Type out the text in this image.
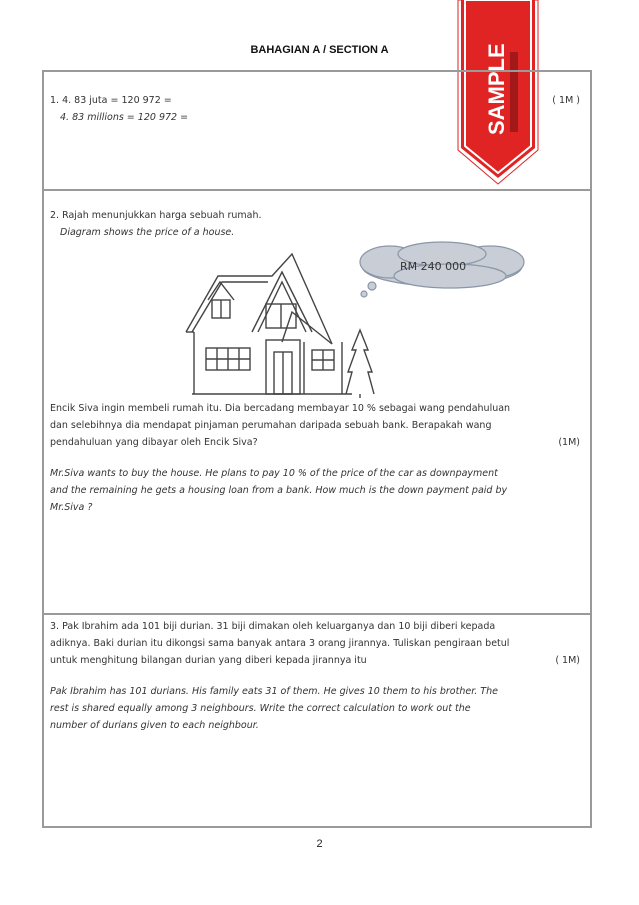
BAHAGIAN A / SECTION A	SAMPLE
1. 4. 83 juta = 120 972 =
4. 83 millions = 120 972 =
( 1M )
2. Rajah menunjukkan harga sebuah rumah.
Diagram shows the price of a house.
RM 240 000
Encik Siva ingin membeli rumah itu. Dia bercadang membayar 10 % sebagai wang pendahuluan
dan selebihnya dia mendapat pinjaman perumahan daripada sebuah bank. Berapakah wang
pendahuluan yang dibayar oleh Encik Siva?	(1M)
Mr.Siva wants to buy the house. He plans to pay 10 % of the price of the car as downpayment
and the remaining he gets a housing loan from a bank. How much is the down payment paid by
Mr.Siva ?
3. Pak Ibrahim ada 101 biji durian. 31 biji dimakan oleh keluarganya dan 10 biji diberi kepada
adiknya. Baki durian itu dikongsi sama banyak antara 3 orang jirannya. Tuliskan pengiraan betul
untuk menghitung bilangan durian yang diberi kepada jirannya itu	( 1M)
Pak Ibrahim has 101 durians. His family eats 31 of them. He gives 10 them to his brother. The
rest is shared equally among 3 neighbours. Write the correct calculation to work out the
number of durians given to each neighbour.
2
